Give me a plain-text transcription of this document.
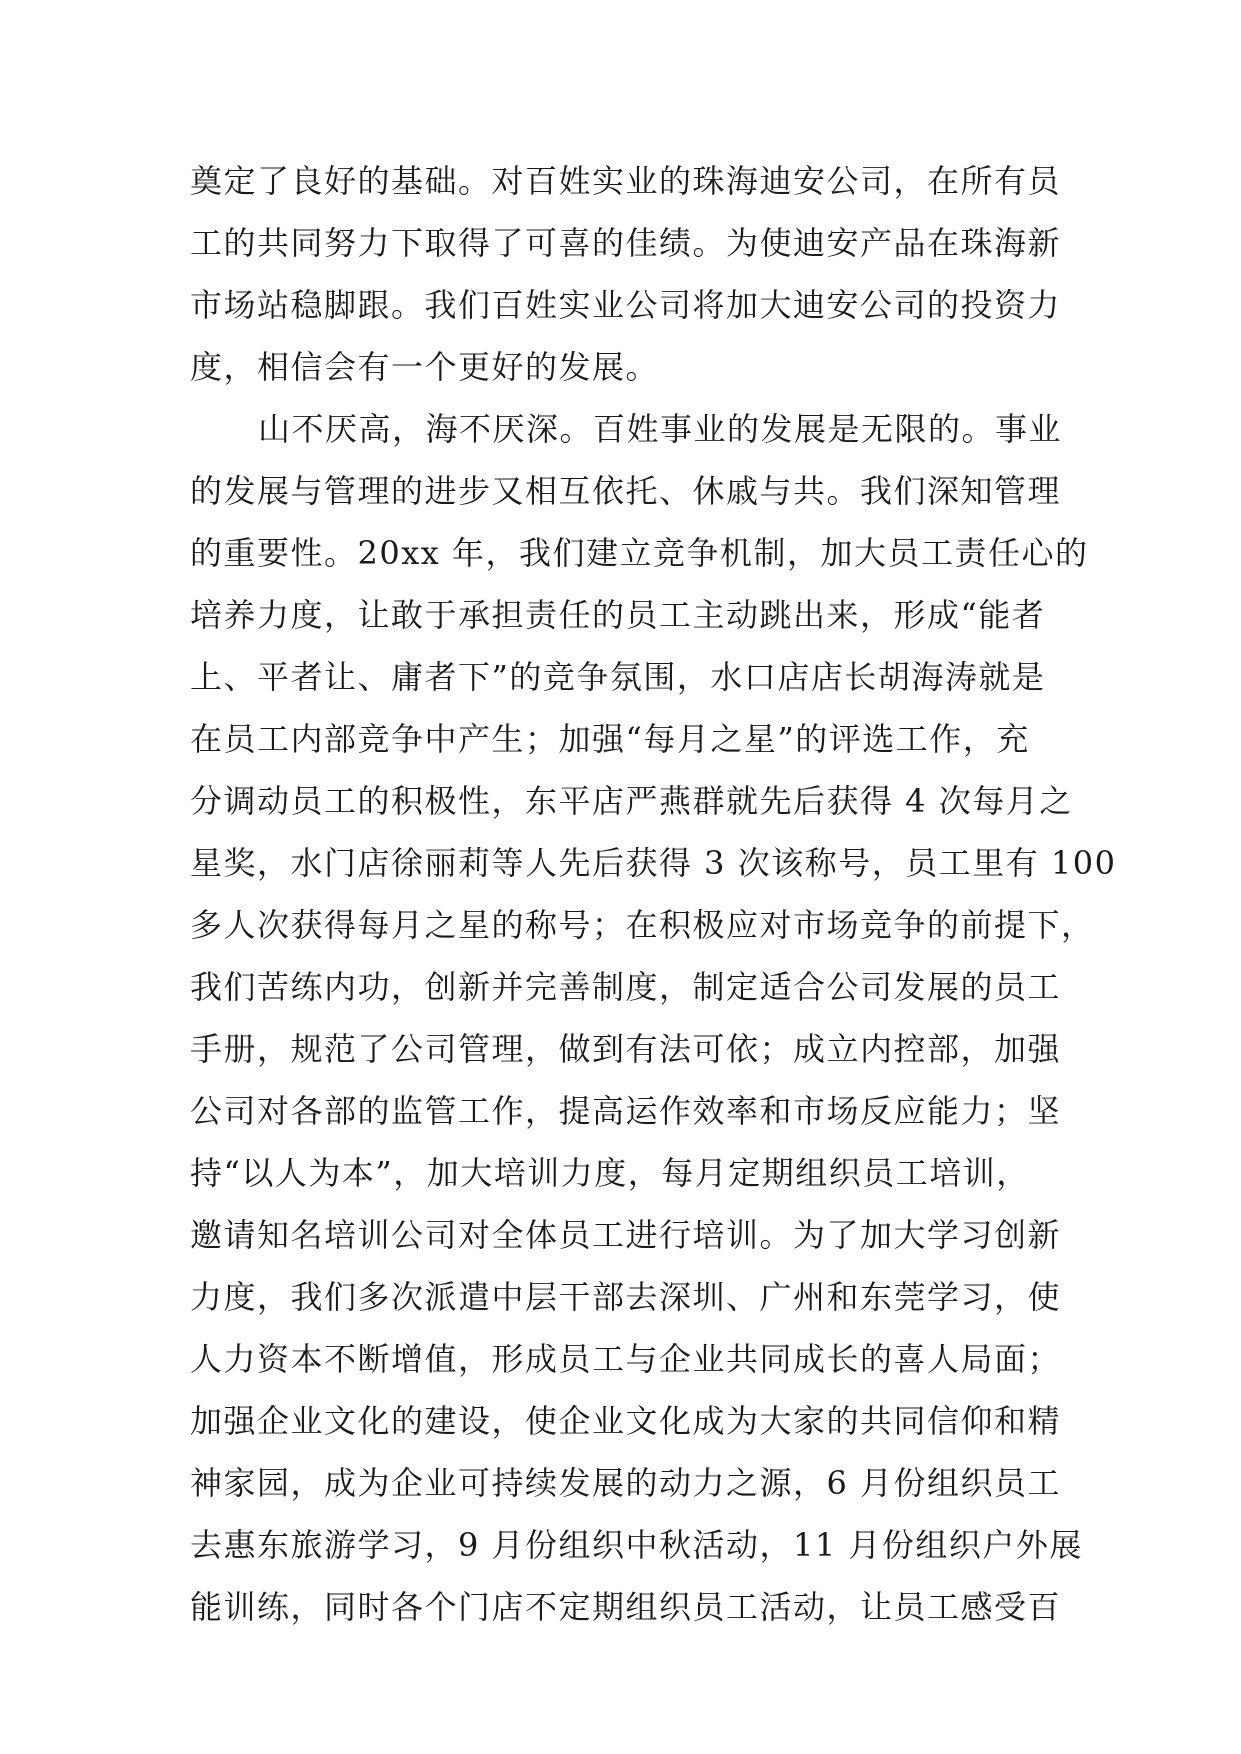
奠定了良好的基础。对百姓实业的珠海迪安公司，在所有员
工的共同努力下取得了可喜的佳绩。为使迪安产品在珠海新
市场站稳脚跟。我们百姓实业公司将加大迪安公司的投资力
度，相信会有一个更好的发展。
山不厌高，海不厌深。百姓事业的发展是无限的。事业
的发展与管理的进步又相互依托、休戚与共。我们深知管理
的重要性。20xx 年，我们建立竞争机制，加大员工责任心的
培养力度，让敢于承担责任的员工主动跳出来，形成“能者
上、平者让、庸者下”的竞争氛围，水口店店长胡海涛就是
在员工内部竞争中产生；加强“每月之星”的评选工作，充
分调动员工的积极性，东平店严燕群就先后获得 4 次每月之
星奖，水门店徐丽莉等人先后获得 3 次该称号，员工里有 100
多人次获得每月之星的称号；在积极应对市场竞争的前提下，
我们苦练内功，创新并完善制度，制定适合公司发展的员工
手册，规范了公司管理，做到有法可依；成立内控部，加强
公司对各部的监管工作，提高运作效率和市场反应能力；坚
持“以人为本”，加大培训力度，每月定期组织员工培训，
邀请知名培训公司对全体员工进行培训。为了加大学习创新
力度，我们多次派遣中层干部去深圳、广州和东莞学习，使
人力资本不断增值，形成员工与企业共同成长的喜人局面；
加强企业文化的建设，使企业文化成为大家的共同信仰和精
神家园，成为企业可持续发展的动力之源，6 月份组织员工
去惠东旅游学习，9 月份组织中秋活动，11 月份组织户外展
能训练，同时各个门店不定期组织员工活动，让员工感受百
